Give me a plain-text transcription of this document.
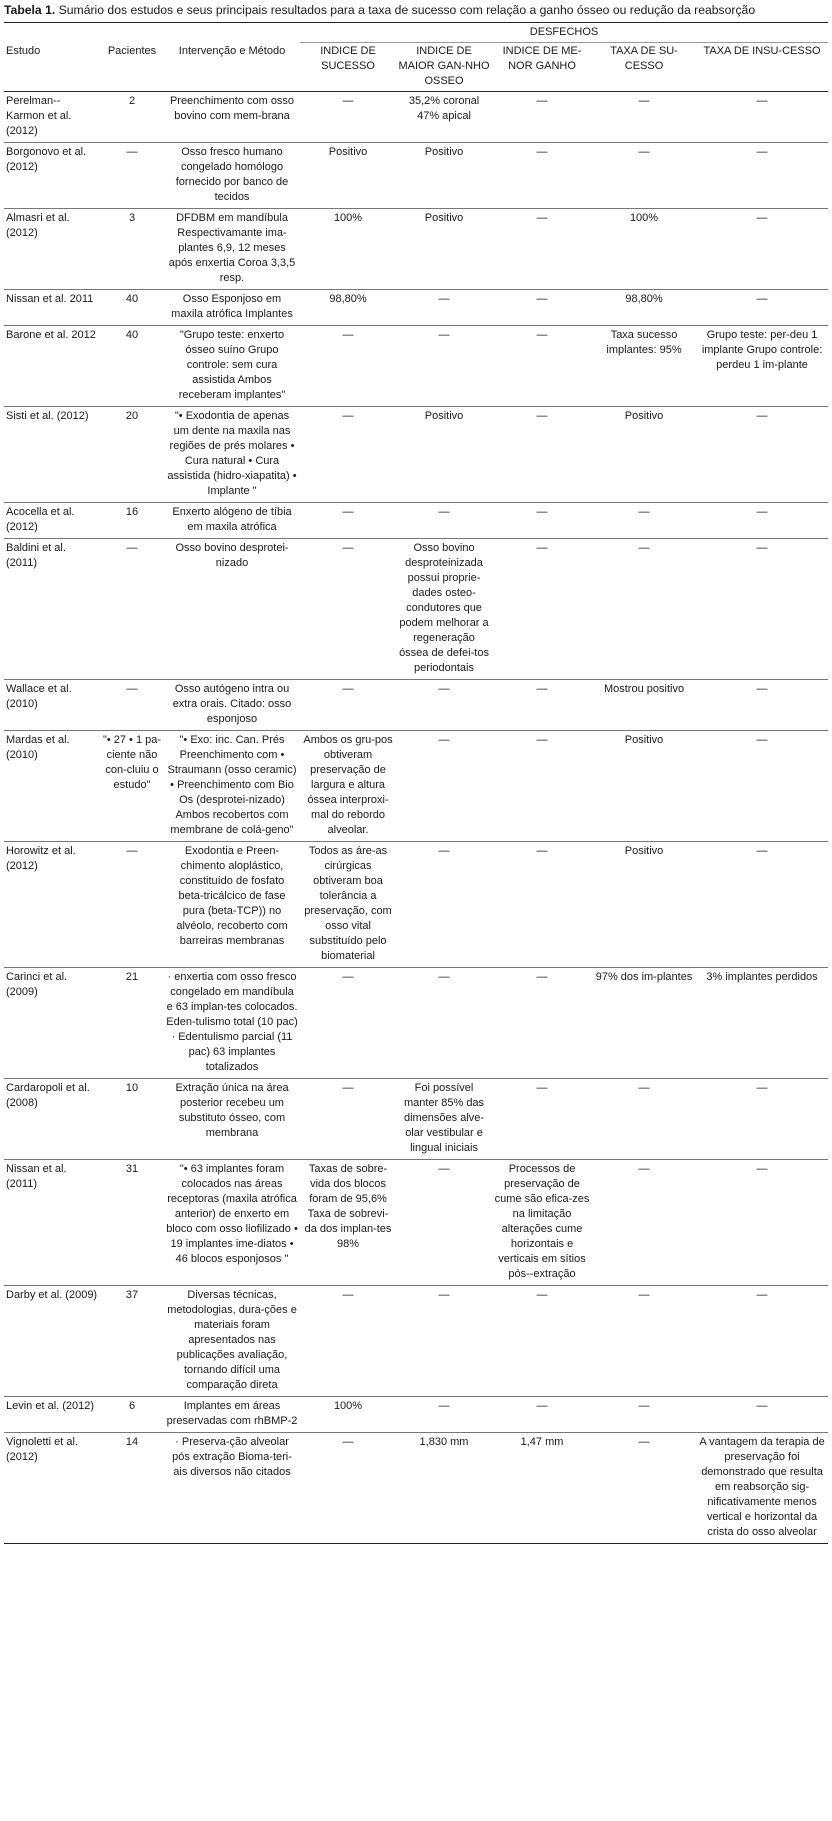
Tabela 1. Sumário dos estudos e seus principais resultados para a taxa de sucesso com relação a ganho ósseo ou redução da reabsorção
			DESFECHOS				
Estudo	Pacientes	Intervenção e Método	INDICE DE SUCESSO	INDICE DE MAIOR GAN-NHO OSSEO	INDICE DE ME-NOR GANHO	TAXA DE SU-CESSO	TAXA DE INSU-CESSO
Perelman--Karmon et al. (2012)	2	Preenchimento com osso bovino com mem-brana	—	35,2% coronal 47% apical	—	—	—
Borgonovo et al. (2012)	—	Osso fresco humano congelado homólogo fornecido por banco de tecidos	Positivo	Positivo	—	—	—
Almasri et al. (2012)	3	DFDBM em mandíbula Respectivamante ima-plantes 6,9, 12 meses após enxertia Coroa 3,3,5 resp.	100%	Positivo	—	100%	—
Nissan et al. 2011	40	Osso Esponjoso em maxila atrófica Implantes	98,80%	—	—	98,80%	—
Barone et al. 2012	40	"Grupo teste: enxerto ósseo suíno Grupo controle: sem cura assistida Ambos receberam implantes"	—	—	—	Taxa sucesso implantes: 95%	Grupo teste: per-deu 1 implante Grupo controle: perdeu 1 im-plante
Sisti et al. (2012)	20	"• Exodontia de apenas um dente na maxila nas regiões de prés molares • Cura natural • Cura assistida (hidro-xiapatita) • Implante "	—	Positivo	—	Positivo	—
Acocella et al. (2012)	16	Enxerto alógeno de tíbia em maxila atrófica	—	—	—	—	—
Baldini et al. (2011)	—	Osso bovino desprotei-nizado	—	Osso bovino desproteinizada possui proprie-dades osteo-condutores que podem melhorar a regeneração óssea de defei-tos periodontais	—	—	—
Wallace et al. (2010)	—	Osso autógeno intra ou extra orais. Citado: osso esponjoso	—	—	—	Mostrou positivo	—
Mardas et al. (2010)	"• 27 • 1 pa-ciente não con-cluiu o estudo"	"• Exo: inc. Can. Prés Preenchimento com • Straumann (osso ceramic) • Preenchimento com Bio Os (desprotei-nizado) Ambos recobertos com membrane de colá-geno"	Ambos os gru-pos obtiveram preservação de largura e altura óssea interproxi-mal do rebordo alveolar.	—	—	Positivo	—
Horowitz et al. (2012)	—	Exodontia e Preen-chimento aloplástico, constituído de fosfato beta-tricálcico de fase pura (beta-TCP)) no alvéolo, recoberto com barreiras membranas	Todos as áre-as cirúrgicas obtiveram boa tolerância a preservação, com osso vital substituído pelo biomaterial	—	—	Positivo	—
Carinci et al. (2009)	21	· enxertia com osso fresco congelado em mandíbula e 63 implan-tes colocados. Eden-tulismo total (10 pac) · Edentulismo parcial (11 pac) 63 implantes totalizados	—	—	—	97% dos im-plantes	3% implantes perdidos
Cardaropoli et al. (2008)	10	Extração única na área posterior recebeu um substituto ósseo, com membrana	—	Foi possível manter 85% das dimensões alve-olar vestibular e lingual iniciais	—	—	—
Nissan et al. (2011)	31	"• 63 implantes foram colocados nas áreas receptoras (maxila atrófica anterior) de enxerto em bloco com osso liofilizado • 19 implantes ime-diatos • 46 blocos esponjosos "	Taxas de sobre-vida dos blocos foram de 95,6% Taxa de sobrevi-da dos implan-tes 98%	—	Processos de preservação de cume são efica-zes na limitação alterações cume horizontais e verticais em sítios pós--extração	—	—
Darby et al. (2009)	37	Diversas técnicas, metodologias, dura-ções e materiais foram apresentados nas publicações avaliação, tornando difícil uma comparação direta	—	—	—	—	—
Levin et al. (2012)	6	Implantes em áreas preservadas com rhBMP-2	100%	—	—	—	—
Vignoletti et al. (2012)	14	· Preserva-ção alveolar pós extração Bioma-teri-ais diversos não citados	—	1,830 mm	1,47 mm	—	A vantagem da terapia de preservação foi demonstrado que resulta em reabsorção sig-nificativamente menos vertical e horizontal da crista do osso alveolar
